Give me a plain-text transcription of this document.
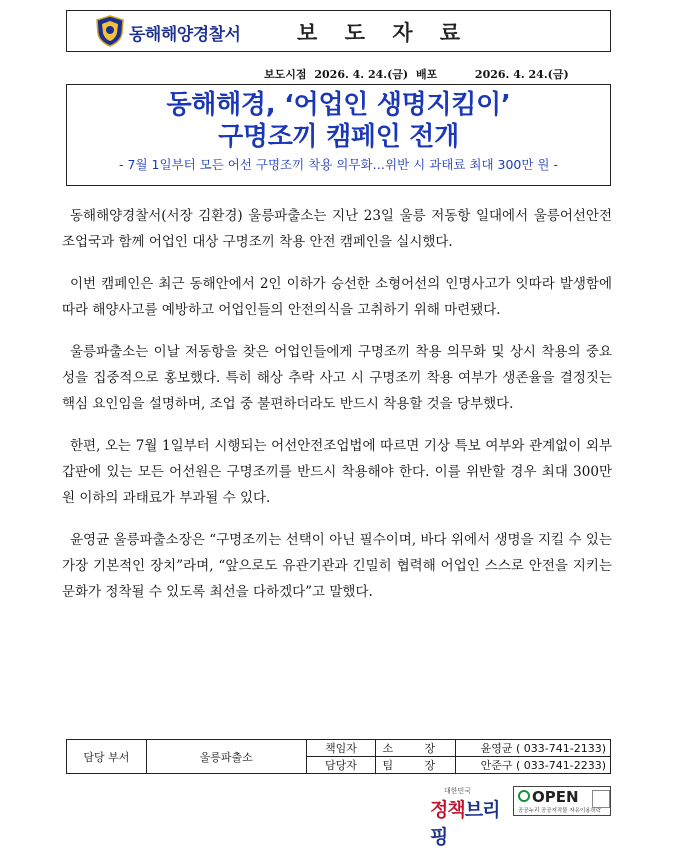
동해해양경찰서	보 도 자 료
보도시점 2026. 4. 24.(금) 배포	2026. 4. 24.(금)
동해해경, ‘어업인 생명지킴이’
구명조끼 캠페인 전개
- 7월 1일부터 모든 어선 구명조끼 착용 의무화…위반 시 과태료 최대 300만 원 -

동해해양경찰서(서장 김환경) 울릉파출소는 지난 23일 울릉 저동항 일대에서 울릉어선안전조업국과 함께 어업인 대상 구명조끼 착용 안전 캠페인을 실시했다.

이번 캠페인은 최근 동해안에서 2인 이하가 승선한 소형어선의 인명사고가 잇따라 발생함에 따라 해양사고를 예방하고 어업인들의 안전의식을 고취하기 위해 마련됐다.

울릉파출소는 이날 저동항을 찾은 어업인들에게 구명조끼 착용 의무화 및 상시 착용의 중요성을 집중적으로 홍보했다. 특히 해상 추락 사고 시 구명조끼 착용 여부가 생존율을 결정짓는 핵심 요인임을 설명하며, 조업 중 불편하더라도 반드시 착용할 것을 당부했다.

한편, 오는 7월 1일부터 시행되는 어선안전조업법에 따르면 기상 특보 여부와 관계없이 외부 갑판에 있는 모든 어선원은 구명조끼를 반드시 착용해야 한다. 이를 위반할 경우 최대 300만원 이하의 과태료가 부과될 수 있다.

윤영균 울릉파출소장은 “구명조끼는 선택이 아닌 필수이며, 바다 위에서 생명을 지킬 수 있는 가장 기본적인 장치”라며, “앞으로도 유관기관과 긴밀히 협력해 어업인 스스로 안전을 지키는 문화가 정착될 수 있도록 최선을 다하겠다”고 말했다.

담당 부서	울릉파출소	책임자	소 장	윤영균 ( 033-741-2133)
		담당자	팀 장	안준구 ( 033-741-2233)
대한민국
정책브리핑
OPEN
공공누리 공공저작물 자유이용허락
